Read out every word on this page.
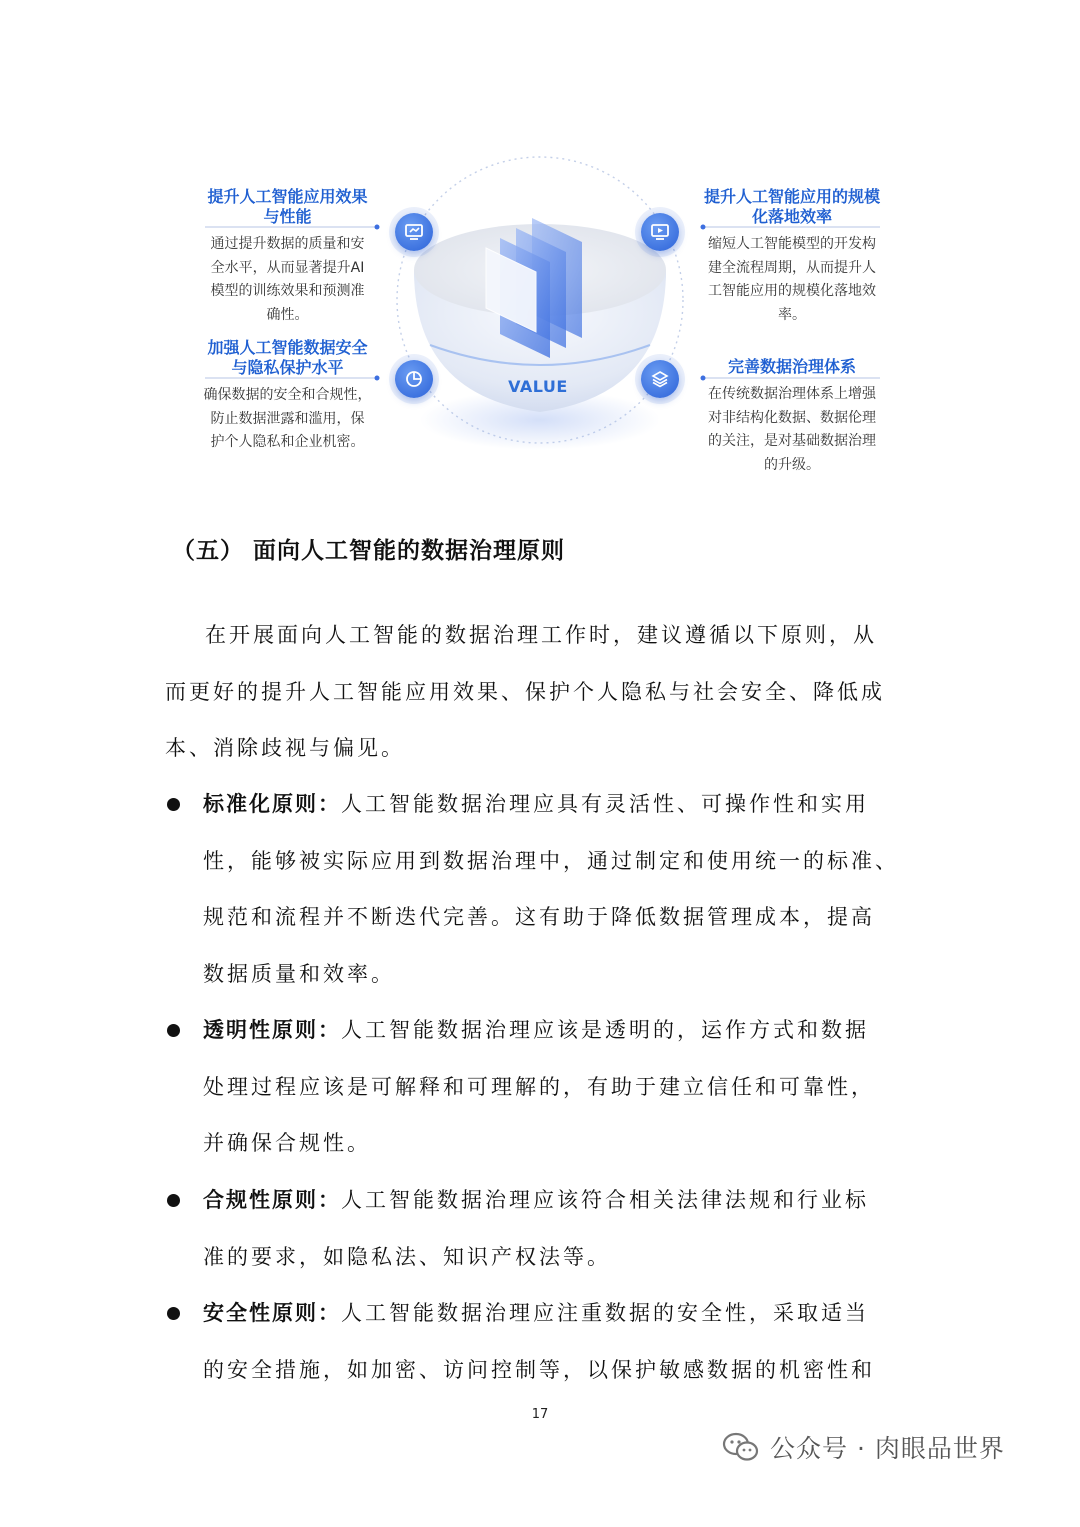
VALUE
提升人工智能应用效果
与性能
通过提升数据的质量和安
全水平，从而显著提升AI
模型的训练效果和预测准
确性。
提升人工智能应用的规模
化落地效率
缩短人工智能模型的开发构
建全流程周期，从而提升人
工智能应用的规模化落地效
率。
加强人工智能数据安全
与隐私保护水平
确保数据的安全和合规性，
防止数据泄露和滥用，保
护个人隐私和企业机密。
完善数据治理体系
在传统数据治理体系上增强
对非结构化数据、数据伦理
的关注，是对基础数据治理
的升级。
（五） 面向人工智能的数据治理原则
在开展面向人工智能的数据治理工作时，建议遵循以下原则，从
而更好的提升人工智能应用效果、保护个人隐私与社会安全、降低成
本、消除歧视与偏见。
标准化原则：人工智能数据治理应具有灵活性、可操作性和实用
性，能够被实际应用到数据治理中，通过制定和使用统一的标准、
规范和流程并不断迭代完善。这有助于降低数据管理成本，提高
数据质量和效率。
透明性原则：人工智能数据治理应该是透明的，运作方式和数据
处理过程应该是可解释和可理解的，有助于建立信任和可靠性，
并确保合规性。
合规性原则：人工智能数据治理应该符合相关法律法规和行业标
准的要求，如隐私法、知识产权法等。
安全性原则：人工智能数据治理应注重数据的安全性，采取适当
的安全措施，如加密、访问控制等，以保护敏感数据的机密性和
17
公众号 · 肉眼品世界
